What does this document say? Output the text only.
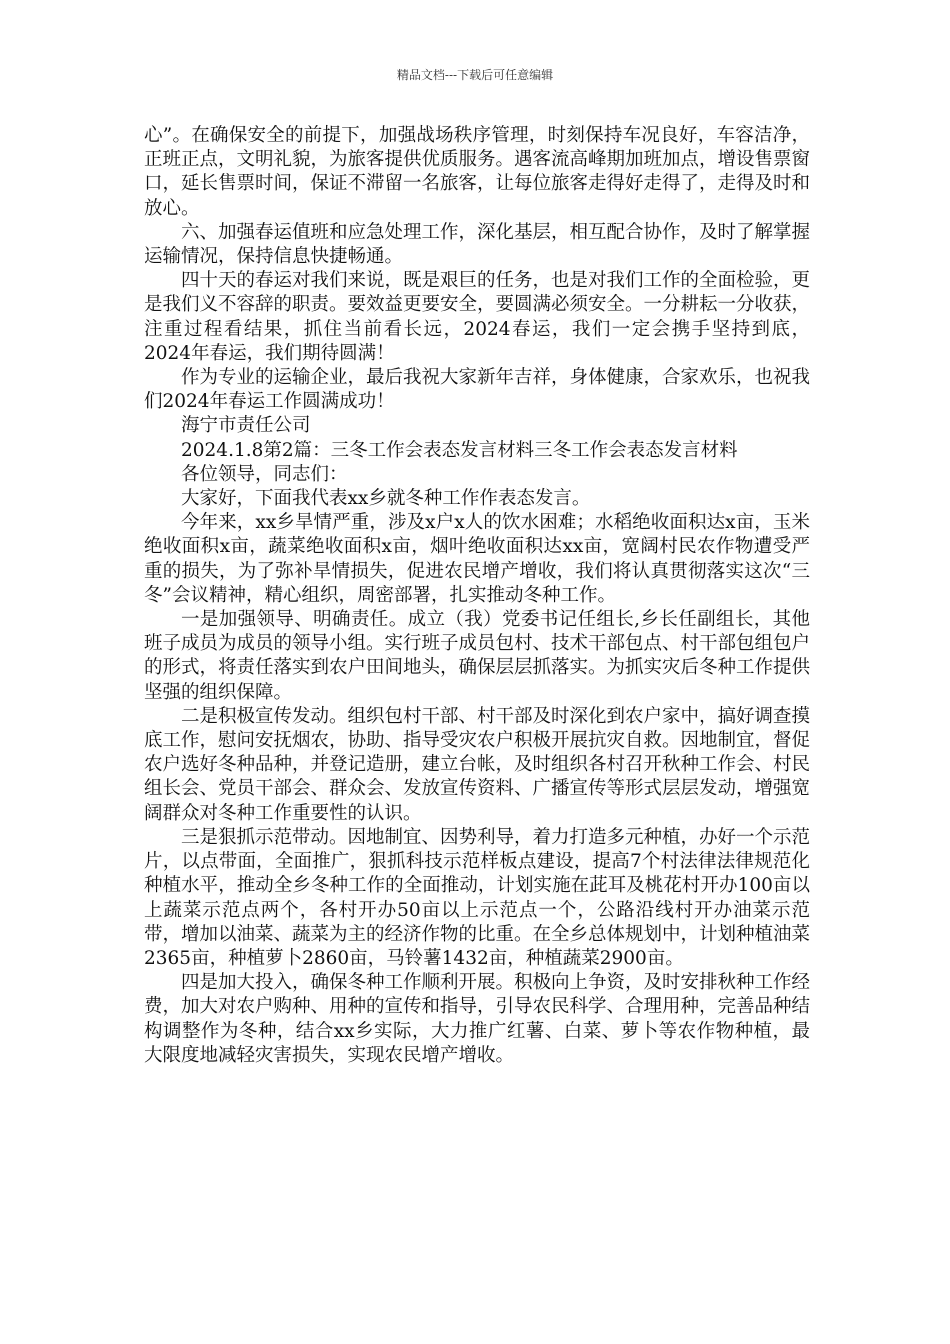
精品文档---下载后可任意编辑

心”。在确保安全的前提下，加强战场秩序管理，时刻保持车况良好，车容洁净，正班正点，文明礼貌，为旅客提供优质服务。遇客流高峰期加班加点，增设售票窗口，延长售票时间，保证不滞留一名旅客，让每位旅客走得好走得了，走得及时和放心。

六、加强春运值班和应急处理工作，深化基层，相互配合协作，及时了解掌握运输情况，保持信息快捷畅通。

四十天的春运对我们来说，既是艰巨的任务，也是对我们工作的全面检验，更是我们义不容辞的职责。要效益更要安全，要圆满必须安全。一分耕耘一分收获，注重过程看结果，抓住当前看长远，2024春运，我们一定会携手坚持到底，2024年春运，我们期待圆满！

作为专业的运输企业，最后我祝大家新年吉祥，身体健康，合家欢乐，也祝我们2024年春运工作圆满成功！

海宁市责任公司

2024.1.8第2篇：三冬工作会表态发言材料三冬工作会表态发言材料

各位领导，同志们：

大家好，下面我代表xx乡就冬种工作作表态发言。

今年来，xx乡旱情严重，涉及x户x人的饮水困难；水稻绝收面积达x亩，玉米绝收面积x亩，蔬菜绝收面积x亩，烟叶绝收面积达xx亩，宽阔村民农作物遭受严重的损失，为了弥补旱情损失，促进农民增产增收，我们将认真贯彻落实这次“三冬”会议精神，精心组织，周密部署，扎实推动冬种工作。

一是加强领导、明确责任。成立（我）党委书记任组长,乡长任副组长，其他班子成员为成员的领导小组。实行班子成员包村、技术干部包点、村干部包组包户的形式，将责任落实到农户田间地头，确保层层抓落实。为抓实灾后冬种工作提供坚强的组织保障。

二是积极宣传发动。组织包村干部、村干部及时深化到农户家中，搞好调查摸底工作，慰问安抚烟农，协助、指导受灾农户积极开展抗灾自救。因地制宜，督促农户选好冬种品种，并登记造册，建立台帐，及时组织各村召开秋种工作会、村民组长会、党员干部会、群众会、发放宣传资料、广播宣传等形式层层发动，增强宽阔群众对冬种工作重要性的认识。

三是狠抓示范带动。因地制宜、因势利导，着力打造多元种植，办好一个示范片，以点带面，全面推广，狠抓科技示范样板点建设，提高7个村法律法律规范化种植水平，推动全乡冬种工作的全面推动，计划实施在茈耳及桃花村开办100亩以上蔬菜示范点两个，各村开办50亩以上示范点一个，公路沿线村开办油菜示范带，增加以油菜、蔬菜为主的经济作物的比重。在全乡总体规划中，计划种植油菜2365亩，种植萝卜2860亩，马铃薯1432亩，种植蔬菜2900亩。

四是加大投入，确保冬种工作顺利开展。积极向上争资，及时安排秋种工作经费，加大对农户购种、用种的宣传和指导，引导农民科学、合理用种，完善品种结构调整作为冬种，结合xx乡实际，大力推广红薯、白菜、萝卜等农作物种植，最大限度地减轻灾害损失，实现农民增产增收。
